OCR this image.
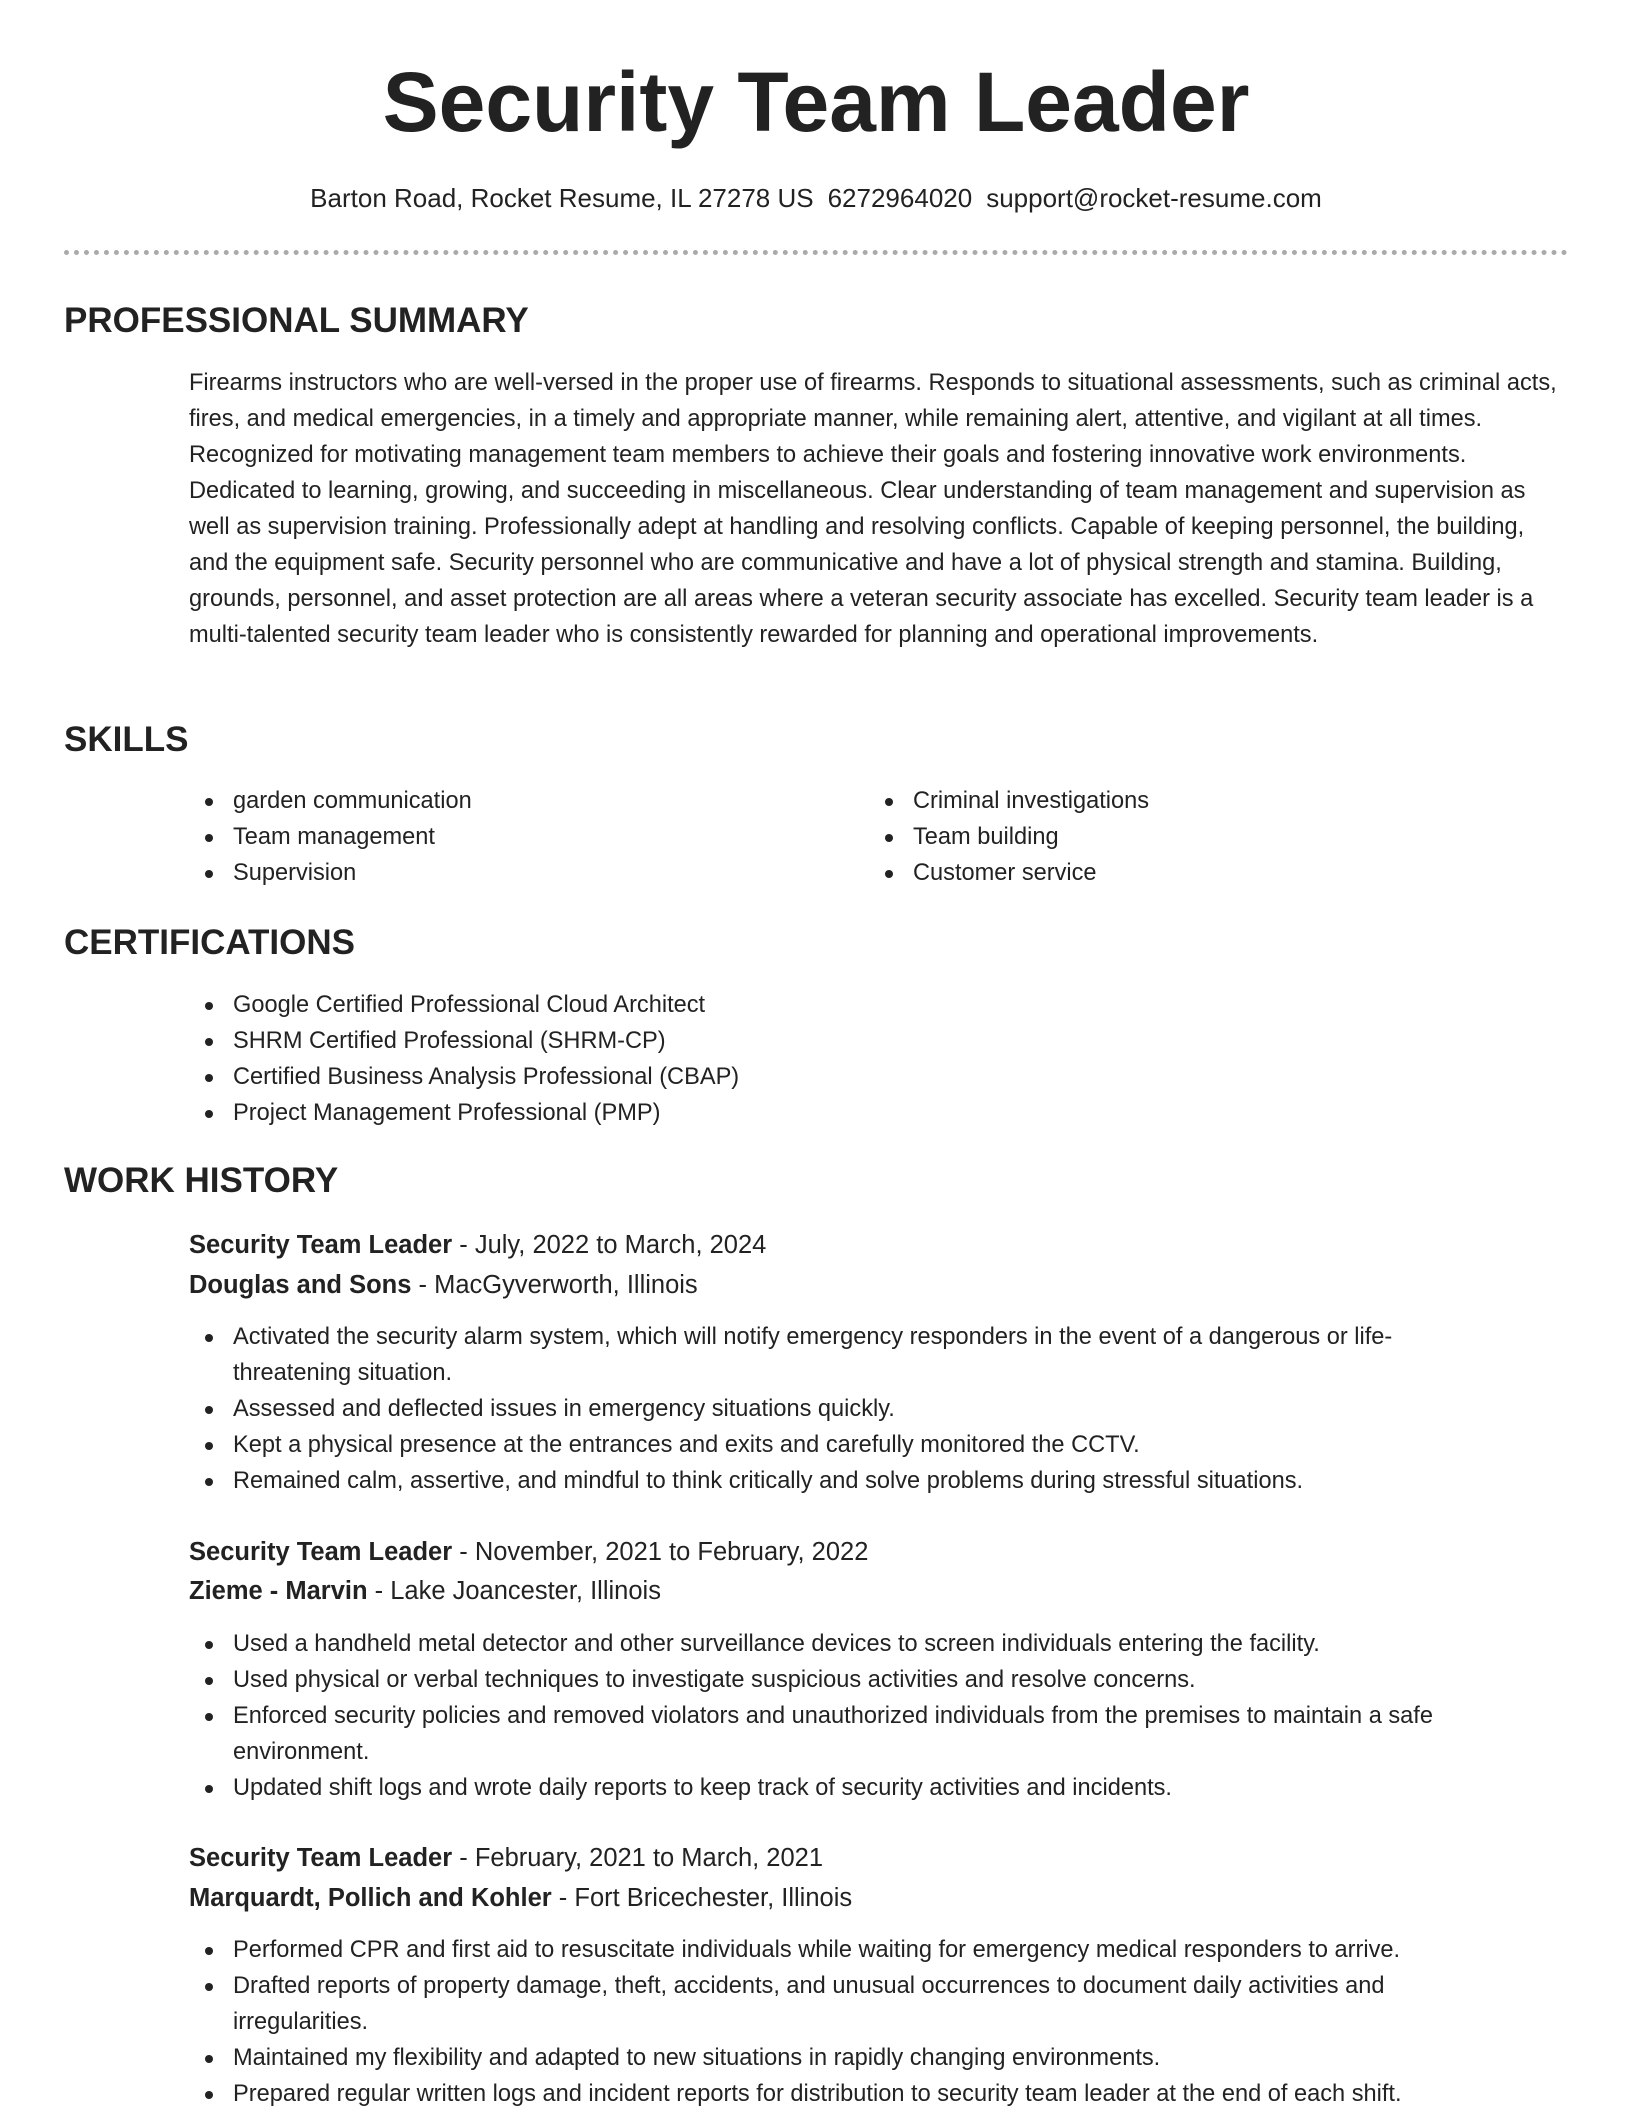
Security Team Leader
Barton Road, Rocket Resume, IL 27278 US 6272964020 support@rocket-resume.com
PROFESSIONAL SUMMARY

Firearms instructors who are well-versed in the proper use of firearms. Responds to situational assessments, such as criminal acts, fires, and medical emergencies, in a timely and appropriate manner, while remaining alert, attentive, and vigilant at all times. Recognized for motivating management team members to achieve their goals and fostering innovative work environments. Dedicated to learning, growing, and succeeding in miscellaneous. Clear understanding of team management and supervision as well as supervision training. Professionally adept at handling and resolving conflicts. Capable of keeping personnel, the building, and the equipment safe. Security personnel who are communicative and have a lot of physical strength and stamina. Building, grounds, personnel, and asset protection are all areas where a veteran security associate has excelled. Security team leader is a multi-talented security team leader who is consistently rewarded for planning and operational improvements.

SKILLS
garden communication
Team management
Supervision
Criminal investigations
Team building
Customer service
CERTIFICATIONS
Google Certified Professional Cloud Architect
SHRM Certified Professional (SHRM-CP)
Certified Business Analysis Professional (CBAP)
Project Management Professional (PMP)
WORK HISTORY
Security Team Leader - July, 2022 to March, 2024
Douglas and Sons - MacGyverworth, Illinois
Activated the security alarm system, which will notify emergency responders in the event of a dangerous or life-threatening situation.
Assessed and deflected issues in emergency situations quickly.
Kept a physical presence at the entrances and exits and carefully monitored the CCTV.
Remained calm, assertive, and mindful to think critically and solve problems during stressful situations.
Security Team Leader - November, 2021 to February, 2022
Zieme - Marvin - Lake Joancester, Illinois
Used a handheld metal detector and other surveillance devices to screen individuals entering the facility.
Used physical or verbal techniques to investigate suspicious activities and resolve concerns.
Enforced security policies and removed violators and unauthorized individuals from the premises to maintain a safe environment.
Updated shift logs and wrote daily reports to keep track of security activities and incidents.
Security Team Leader - February, 2021 to March, 2021
Marquardt, Pollich and Kohler - Fort Bricechester, Illinois
Performed CPR and first aid to resuscitate individuals while waiting for emergency medical responders to arrive.
Drafted reports of property damage, theft, accidents, and unusual occurrences to document daily activities and irregularities.
Maintained my flexibility and adapted to new situations in rapidly changing environments.
Prepared regular written logs and incident reports for distribution to security team leader at the end of each shift.
